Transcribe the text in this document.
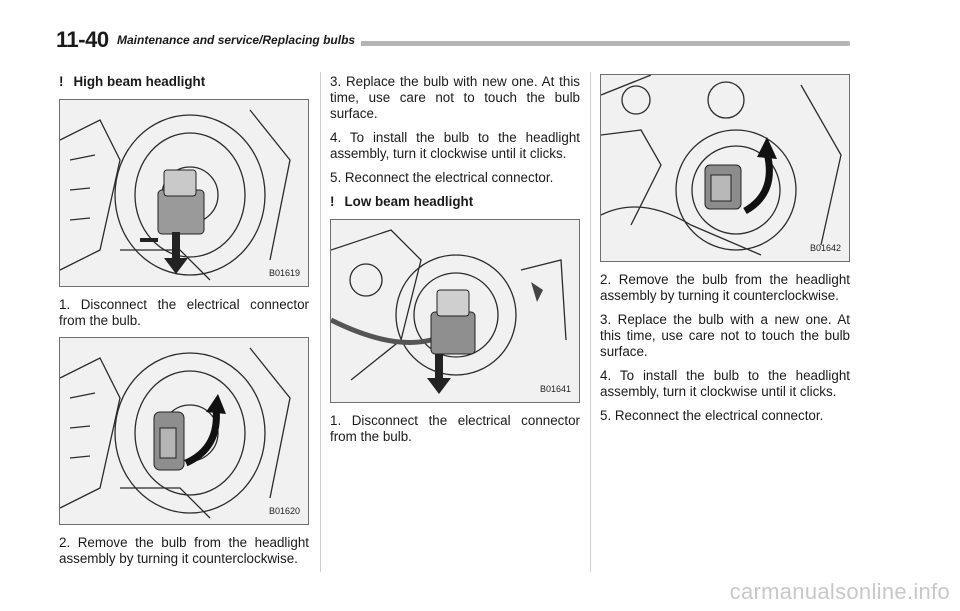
11-40 Maintenance and service/Replacing bulbs
! High beam headlight
B01619

1. Disconnect the electrical connector from the bulb.

B01620

2. Remove the bulb from the headlight assembly by turning it counterclockwise.

3. Replace the bulb with new one. At this time, use care not to touch the bulb surface.

4. To install the bulb to the headlight assembly, turn it clockwise until it clicks.

5. Reconnect the electrical connector.

! Low beam headlight
B01641

1. Disconnect the electrical connector from the bulb.

B01642

2. Remove the bulb from the headlight assembly by turning it counterclockwise.

3. Replace the bulb with a new one. At this time, use care not to touch the bulb surface.

4. To install the bulb to the headlight assembly, turn it clockwise until it clicks.

5. Reconnect the electrical connector.

carmanualsonline.info
